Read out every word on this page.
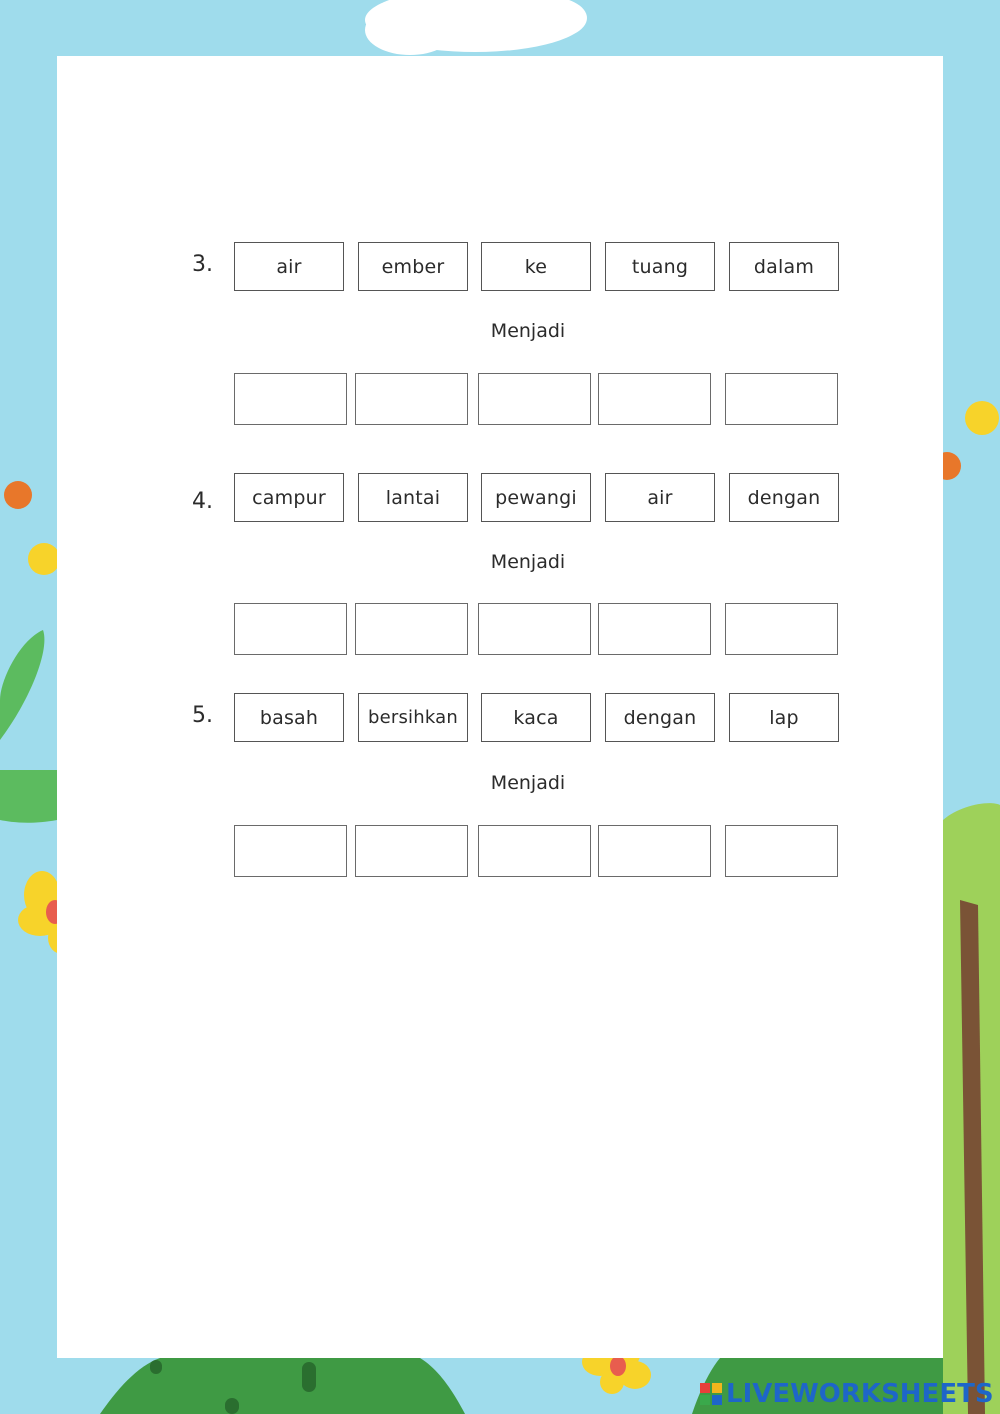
3.	air	ember	ke	tuang	dalam
Menjadi
4.	campur	lantai	pewangi	air	dengan
Menjadi
5.	basah	bersihkan	kaca	dengan	lap
Menjadi
LIVEWORKSHEETS
